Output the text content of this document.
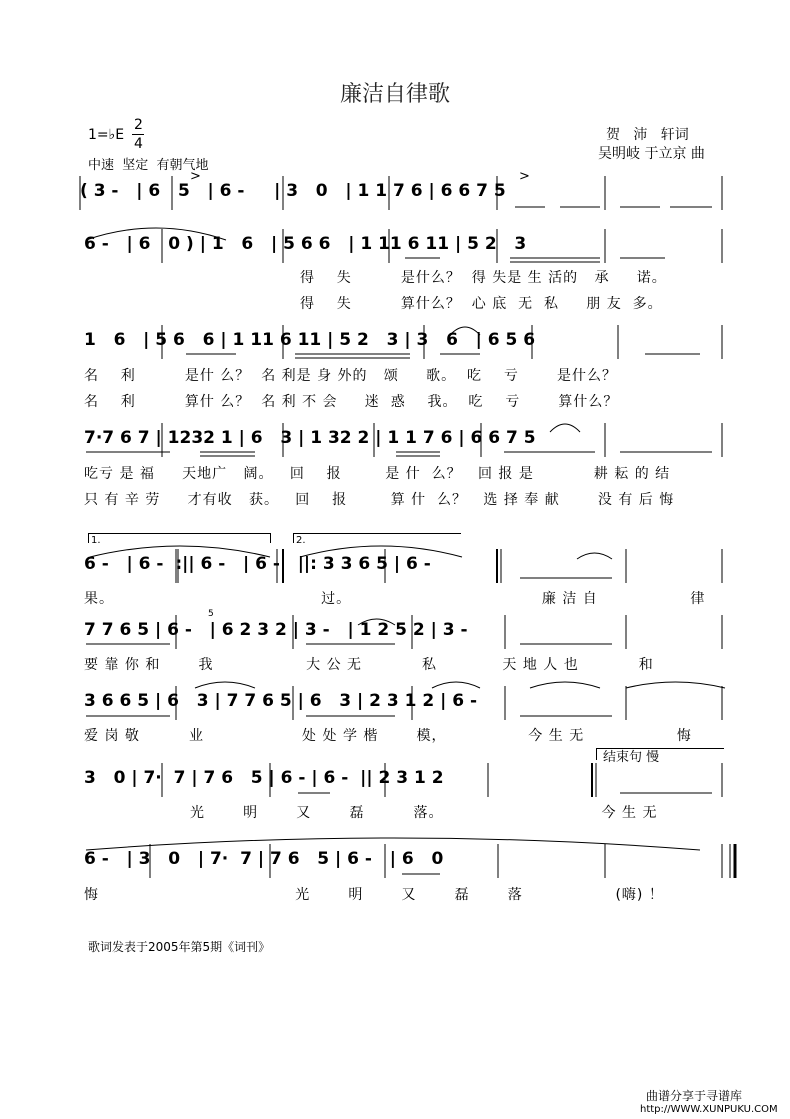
廉洁自律歌
1=♭E
2
4
中速  坚定  有朝气地
贺   沛   轩词
吴明岐 于立京 曲
>	>
( 3 -   | 6   5   | 6 -     | 3   0   | 1 1 7 6 | 6 6 7 5
6 -   | 6   0 ) | 1   6   | 5 6 6   | 1 11 6 11 | 5 2   3
1   6   | 5 6   6 | 1 11 6 11 | 5 2   3 | 3   6   | 6 5 6
7·7 6 7 | 1232 1 | 6   3 | 1 32 2 | 1 1 7 6 | 6 6 7 5
6 -   | 6 -  :|| 6 -   | 6 -   ||: 3 3 6 5 | 6 -
7 7 6 5 | 6 -   | 6 2 3 2 | 3 -   | 1 2 5 2 | 3 -
3 6 6 5 | 6   3 | 7 7 6 5 | 6   3 | 2 3 1 2 | 6 -
3   0 | 7·  7 | 7 6   5 | 6 - | 6 -  || 2 3 1 2
6 -   | 3   0   | 7·  7 | 7 6   5 | 6 -   | 6   0
得    失         是什么？  得 失是 生 活的   承     诺。
得    失         算什么？  心 底  无  私     朋 友  多。
名    利         是什 么？  名 利是 身 外的   颂     歌。  吃    亏       是什么？
名    利         算什 么？  名 利 不 会     迷  惑    我。  吃    亏       算什么？
吃亏 是 福     天地广   阔。   回    报        是 什  么？   回 报 是           耕 耘 的 结
只 有 辛 劳     才有收   获。   回    报        算 什  么？   选 择 奉 献       没 有 后 悔
果。                                      过。                                   廉 洁 自                 律
要 靠 你 和       我                 大 公 无           私            天 地 人 也           和
爱 岗 敬         业                  处 处 学 楷       模，               今 生 无                 悔
光       明       又       磊         落。                             今 生 无
悔                                    光       明       又       磊       落                 (嗨) ！
1.	2.
5
结束句 慢
歌词发表于2005年第5期《词刊》
曲谱分享于寻谱库
http://WWW.XUNPUKU.COM
